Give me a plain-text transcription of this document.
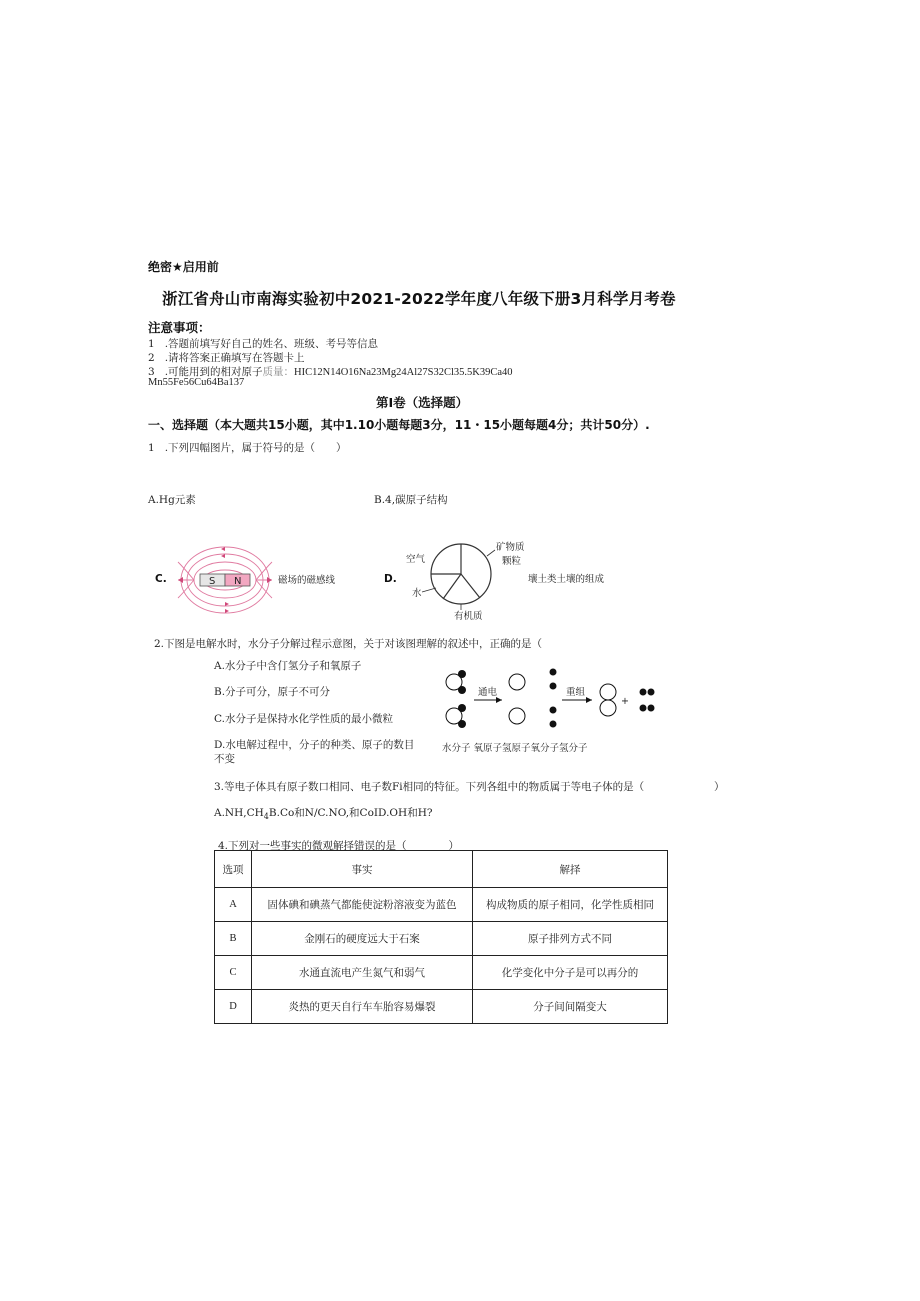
绝密★启用前
浙江省舟山市南海实验初中2021-2022学年度八年级下册3月科学月考卷
注意事项：
1 .答题前填写好自己的姓名、班级、考号等信息
2 .请将答案正确填写在答题卡上
3 .可能用到的相对原子质量：HIC12N14O16Na23Mg24Al27S32Cl35.5K39Ca40
Mn55Fe56Cu64Ba137
第I卷（选择题）
一、选择题（本大题共15小题，其中1.10小题每题3分，11・15小题每题4分；共计50分）.
1 .下列四幅图片，属于符号的是（　　）
A.Hg元素	B.4,碳原子结构
C.	S N	磁场的磁感线	D.
空气
矿物质
颗粒
水
有机质
壤土类土壤的组成
2.下图是电解水时，水分子分解过程示意图，关于对该图理解的叙述中，正确的是（
A.水分子中含仃氢分子和氧原子
B.分子可分，原子不可分
C.水分子是保持水化学性质的最小微粒
D.水电解过程中，分子的种类、原子的数目
不变
通电	重组
+
水分子 氧原子氢原子氧分子氢分子
3.等电子体具有原子数口相同、电子数Fi相同的特征。下列各组中的物质属于等电子体的是（	）
$A.NH,CH_4B.Co$和N/C.NO,和CoID.OH和H?
4.下列对一些事实的微观解择错误的是（　　　　）
选项	事实	解择
A	固体碘和碘蒸气都能使淀粉溶液变为蓝色	构成物质的原子相同，化学性质相同
B	金刚石的硬度远大于石案	原子排列方式不同
C	水通直流电产生氮气和弱气	化学变化中分子是可以再分的
D	炎热的更天自行车车胎容易爆裂	分子间间隔变大
